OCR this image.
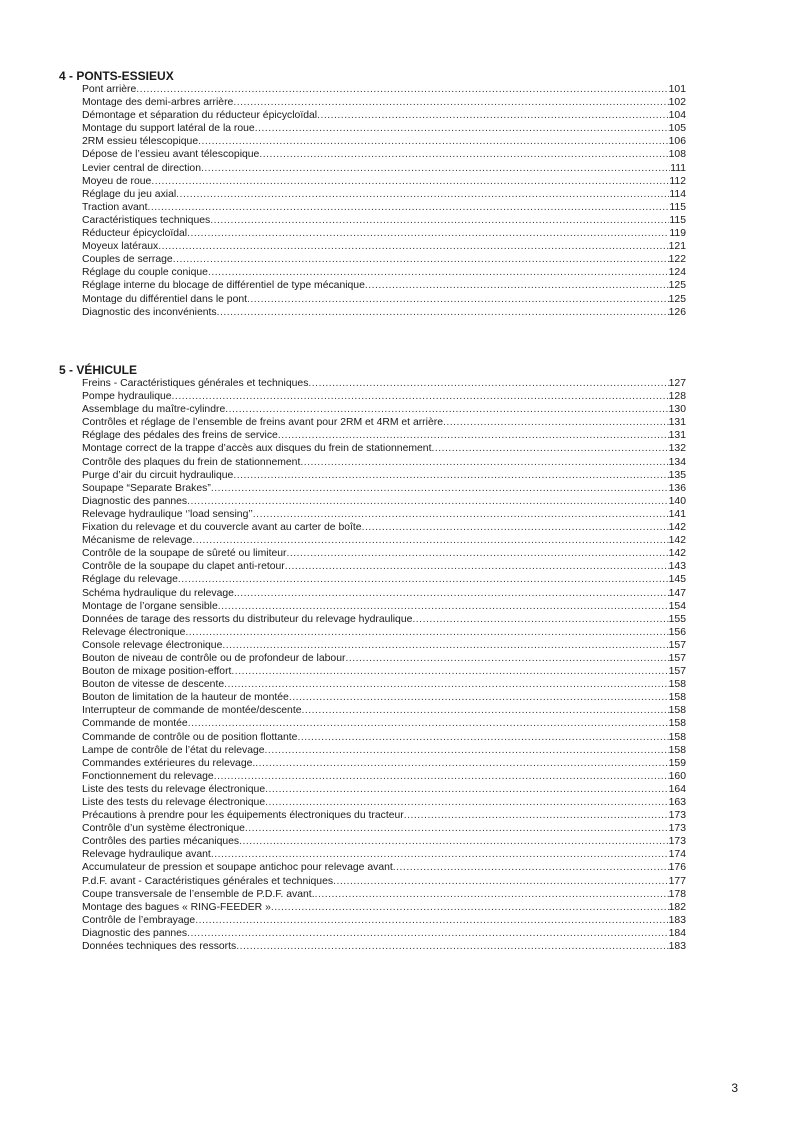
4 - PONTS-ESSIEUX
Pont arrière .....	101
Montage des demi-arbres arrière .....	102
Démontage et séparation du réducteur épicycloïdal .....	104
Montage du support latéral de la roue .....	105
2RM essieu télescopique .....	106
Dépose de l’essieu avant télescopique .....	108
Levier central de direction .....	111
Moyeu de roue .....	112
Réglage du jeu axial .....	114
Traction avant .....	115
Caractéristiques techniques .....	115
Réducteur épicycloïdal .....	119
Moyeux latéraux .....	121
Couples de serrage .....	122
Réglage du couple conique .....	124
Réglage interne du blocage de différentiel de type mécanique .....	125
Montage du différentiel dans le pont .....	125
Diagnostic des inconvénients .....	126
5 - VÉHICULE
Freins - Caractéristiques générales et techniques .....	127
Pompe hydraulique .....	128
Assemblage du maître-cylindre .....	130
Contrôles et réglage de l’ensemble de freins avant pour 2RM et 4RM et arrière .....	131
Réglage des pédales des freins de service .....	131
Montage correct de la trappe d’accès aux disques du frein de stationnement .....	132
Contrôle des plaques du frein de stationnement .....	134
Purge d’air du circuit hydraulique .....	135
Soupape “Separate Brakes” .....	136
Diagnostic des pannes .....	140
Relevage hydraulique ‘’load sensing’’ .....	141
Fixation du relevage et du couvercle avant au carter de boîte .....	142
Mécanisme de relevage .....	142
Contrôle de la soupape de sûreté ou limiteur .....	142
Contrôle de la soupape du clapet anti-retour .....	143
Réglage du relevage .....	145
Schéma hydraulique du relevage. .....	147
Montage de l’organe sensible .....	154
Données de tarage des ressorts du distributeur du relevage hydraulique .....	155
Relevage électronique .....	156
Console relevage électronique .....	157
Bouton de niveau de contrôle ou de profondeur de labour .....	157
Bouton de mixage position-effort .....	157
Bouton de vitesse de descente .....	158
Bouton de limitation de la hauteur de montée .....	158
Interrupteur de commande de montée/descente .....	158
Commande de montée .....	158
Commande de contrôle ou de position flottante .....	158
Lampe de contrôle de l’état du relevage .....	158
Commandes extérieures du relevage. .....	159
Fonctionnement du relevage .....	160
Liste des tests du relevage électronique .....	164
Liste des tests du relevage électronique .....	163
Précautions à prendre pour les équipements électroniques du tracteur .....	173
Contrôle d’un système électronique .....	173
Contrôles des parties mécaniques .....	173
Relevage hydraulique avant .....	174
Accumulateur de pression et soupape antichoc pour relevage avant .....	176
P.d.F. avant - Caractéristiques générales et techniques .....	177
Coupe transversale de l’ensemble de P.D.F. avant. .....	178
Montage des bagues « RING-FEEDER » .....	182
Contrôle de l’embrayage .....	183
Diagnostic des pannes .....	184
Données techniques des ressorts .....	183
3
